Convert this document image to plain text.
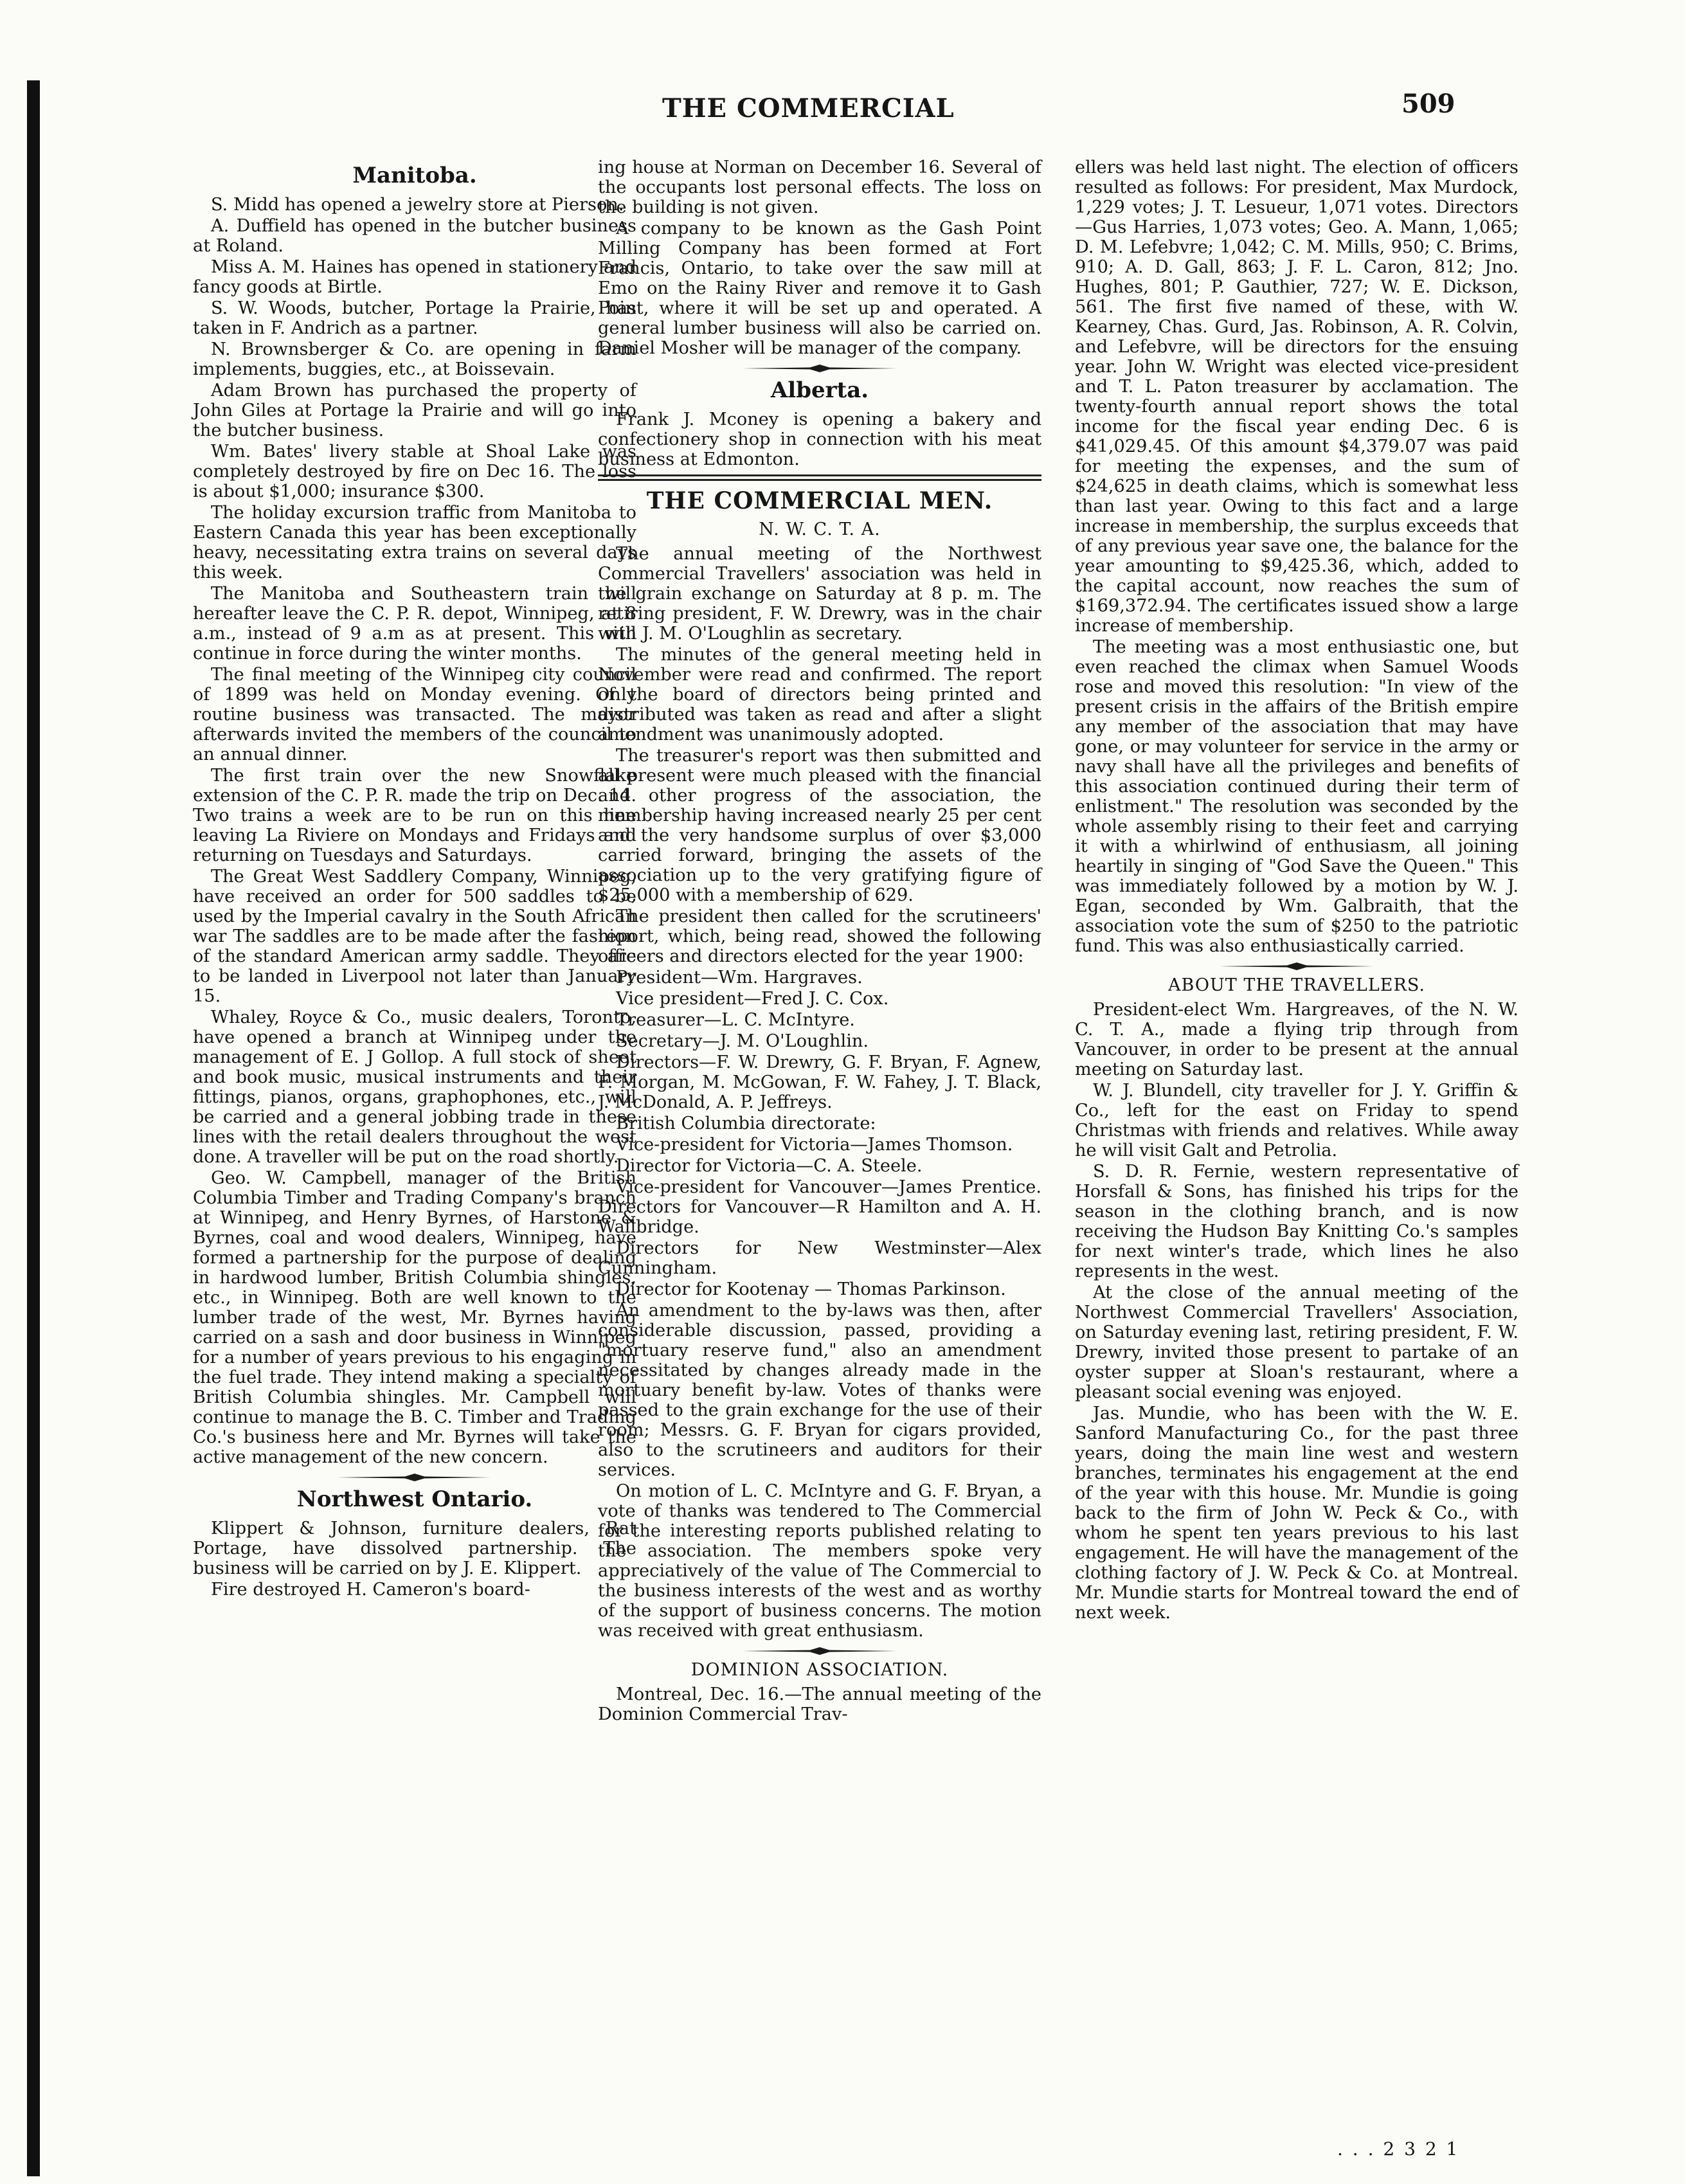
THE COMMERCIAL	509
Manitoba.

S. Midd has opened a jewelry store at Pierson.

A. Duffield has opened in the butcher business at Roland.

Miss A. M. Haines has opened in stationery and fancy goods at Birtle.

S. W. Woods, butcher, Portage la Prairie, has taken in F. Andrich as a partner.

N. Brownsberger & Co. are opening in farm implements, buggies, etc., at Boissevain.

Adam Brown has purchased the property of John Giles at Portage la Prairie and will go into the butcher business.

Wm. Bates' livery stable at Shoal Lake was completely destroyed by fire on Dec 16. The loss is about $1,000; insurance $300.

The holiday excursion traffic from Manitoba to Eastern Canada this year has been exceptionally heavy, necessitating extra trains on several days this week.

The Manitoba and Southeastern train will hereafter leave the C. P. R. depot, Winnipeg, at 8 a.m., instead of 9 a.m as at present. This will continue in force during the winter months.

The final meeting of the Winnipeg city council of 1899 was held on Monday evening. Only routine business was transacted. The mayor afterwards invited the members of the council to an annual dinner.

The first train over the new Snowflake extension of the C. P. R. made the trip on Dec. 14. Two trains a week are to be run on this line leaving La Riviere on Mondays and Fridays and returning on Tuesdays and Saturdays.

The Great West Saddlery Company, Winnipeg, have received an order for 500 saddles to be used by the Imperial cavalry in the South African war The saddles are to be made after the fashion of the standard American army saddle. They are to be landed in Liverpool not later than January 15.

Whaley, Royce & Co., music dealers, Toronto, have opened a branch at Winnipeg under the management of E. J Gollop. A full stock of sheet and book music, musical instruments and their fittings, pianos, organs, graphophones, etc., will be carried and a general jobbing trade in these lines with the retail dealers throughout the west done. A traveller will be put on the road shortly.

Geo. W. Campbell, manager of the British Columbia Timber and Trading Company's branch at Winnipeg, and Henry Byrnes, of Harstone & Byrnes, coal and wood dealers, Winnipeg, have formed a partnership for the purpose of dealing in hardwood lumber, British Columbia shingles, etc., in Winnipeg. Both are well known to the lumber trade of the west, Mr. Byrnes having carried on a sash and door business in Winnipeg for a number of years previous to his engaging in the fuel trade. They intend making a specialty of British Columbia shingles. Mr. Campbell will continue to manage the B. C. Timber and Trading Co.'s business here and Mr. Byrnes will take the active management of the new concern.

Northwest Ontario.

Klippert & Johnson, furniture dealers, Rat Portage, have dissolved partnership. The business will be carried on by J. E. Klippert.

Fire destroyed H. Cameron's board-

ing house at Norman on December 16. Several of the occupants lost personal effects. The loss on the building is not given.

A company to be known as the Gash Point Milling Company has been formed at Fort Francis, Ontario, to take over the saw mill at Emo on the Rainy River and remove it to Gash Point, where it will be set up and operated. A general lumber business will also be carried on. Daniel Mosher will be manager of the company.

Alberta.

Frank J. Mconey is opening a bakery and confectionery shop in connection with his meat business at Edmonton.

THE COMMERCIAL MEN.
N. W. C. T. A.

The annual meeting of the Northwest Commercial Travellers' association was held in the grain exchange on Saturday at 8 p. m. The retiring president, F. W. Drewry, was in the chair with J. M. O'Loughlin as secretary.

The minutes of the general meeting held in November were read and confirmed. The report of the board of directors being printed and distributed was taken as read and after a slight amendment was unanimously adopted.

The treasurer's report was then submitted and all present were much pleased with the financial and other progress of the association, the membership having increased nearly 25 per cent and the very handsome surplus of over $3,000 carried forward, bringing the assets of the association up to the very gratifying figure of $25,000 with a membership of 629.

The president then called for the scrutineers' report, which, being read, showed the following officers and directors elected for the year 1900:

President—Wm. Hargraves.

Vice president—Fred J. C. Cox.

Treasurer—L. C. McIntyre.

Secretary—J. M. O'Loughlin.

Directors—F. W. Drewry, G. F. Bryan, F. Agnew, F. Morgan, M. McGowan, F. W. Fahey, J. T. Black, J. McDonald, A. P. Jeffreys.

British Columbia directorate:

Vice-president for Victoria—James Thomson.

Director for Victoria—C. A. Steele.

Vice-president for Vancouver—James Prentice. Directors for Vancouver—R Hamilton and A. H. Wallbridge.

Directors for New Westminster—Alex Cunningham.

Director for Kootenay — Thomas Parkinson.

An amendment to the by-laws was then, after considerable discussion, passed, providing a "mortuary reserve fund," also an amendment necessitated by changes already made in the mortuary benefit by-law. Votes of thanks were passed to the grain exchange for the use of their room; Messrs. G. F. Bryan for cigars provided, also to the scrutineers and auditors for their services.

On motion of L. C. McIntyre and G. F. Bryan, a vote of thanks was tendered to The Commercial for the interesting reports published relating to the association. The members spoke very appreciatively of the value of The Commercial to the business interests of the west and as worthy of the support of business concerns. The motion was received with great enthusiasm.

DOMINION ASSOCIATION.

Montreal, Dec. 16.—The annual meeting of the Dominion Commercial Trav-

ellers was held last night. The election of officers resulted as follows: For president, Max Murdock, 1,229 votes; J. T. Lesueur, 1,071 votes. Directors—Gus Harries, 1,073 votes; Geo. A. Mann, 1,065; D. M. Lefebvre; 1,042; C. M. Mills, 950; C. Brims, 910; A. D. Gall, 863; J. F. L. Caron, 812; Jno. Hughes, 801; P. Gauthier, 727; W. E. Dickson, 561. The first five named of these, with W. Kearney, Chas. Gurd, Jas. Robinson, A. R. Colvin, and Lefebvre, will be directors for the ensuing year. John W. Wright was elected vice-president and T. L. Paton treasurer by acclamation. The twenty-fourth annual report shows the total income for the fiscal year ending Dec. 6 is $41,029.45. Of this amount $4,379.07 was paid for meeting the expenses, and the sum of $24,625 in death claims, which is somewhat less than last year. Owing to this fact and a large increase in membership, the surplus exceeds that of any previous year save one, the balance for the year amounting to $9,425.36, which, added to the capital account, now reaches the sum of $169,372.94. The certificates issued show a large increase of membership.

The meeting was a most enthusiastic one, but even reached the climax when Samuel Woods rose and moved this resolution: "In view of the present crisis in the affairs of the British empire any member of the association that may have gone, or may volunteer for service in the army or navy shall have all the privileges and benefits of this association continued during their term of enlistment." The resolution was seconded by the whole assembly rising to their feet and carrying it with a whirlwind of enthusiasm, all joining heartily in singing of "God Save the Queen." This was immediately followed by a motion by W. J. Egan, seconded by Wm. Galbraith, that the association vote the sum of $250 to the patriotic fund. This was also enthusiastically carried.

ABOUT THE TRAVELLERS.

President-elect Wm. Hargreaves, of the N. W. C. T. A., made a flying trip through from Vancouver, in order to be present at the annual meeting on Saturday last.

W. J. Blundell, city traveller for J. Y. Griffin & Co., left for the east on Friday to spend Christmas with friends and relatives. While away he will visit Galt and Petrolia.

S. D. R. Fernie, western representative of Horsfall & Sons, has finished his trips for the season in the clothing branch, and is now receiving the Hudson Bay Knitting Co.'s samples for next winter's trade, which lines he also represents in the west.

At the close of the annual meeting of the Northwest Commercial Travellers' Association, on Saturday evening last, retiring president, F. W. Drewry, invited those present to partake of an oyster supper at Sloan's restaurant, where a pleasant social evening was enjoyed.

Jas. Mundie, who has been with the W. E. Sanford Manufacturing Co., for the past three years, doing the main line west and western branches, terminates his engagement at the end of the year with this house. Mr. Mundie is going back to the firm of John W. Peck & Co., with whom he spent ten years previous to his last engagement. He will have the management of the clothing factory of J. W. Peck & Co. at Montreal. Mr. Mundie starts for Montreal toward the end of next week.

. . . 2 3 2 1
